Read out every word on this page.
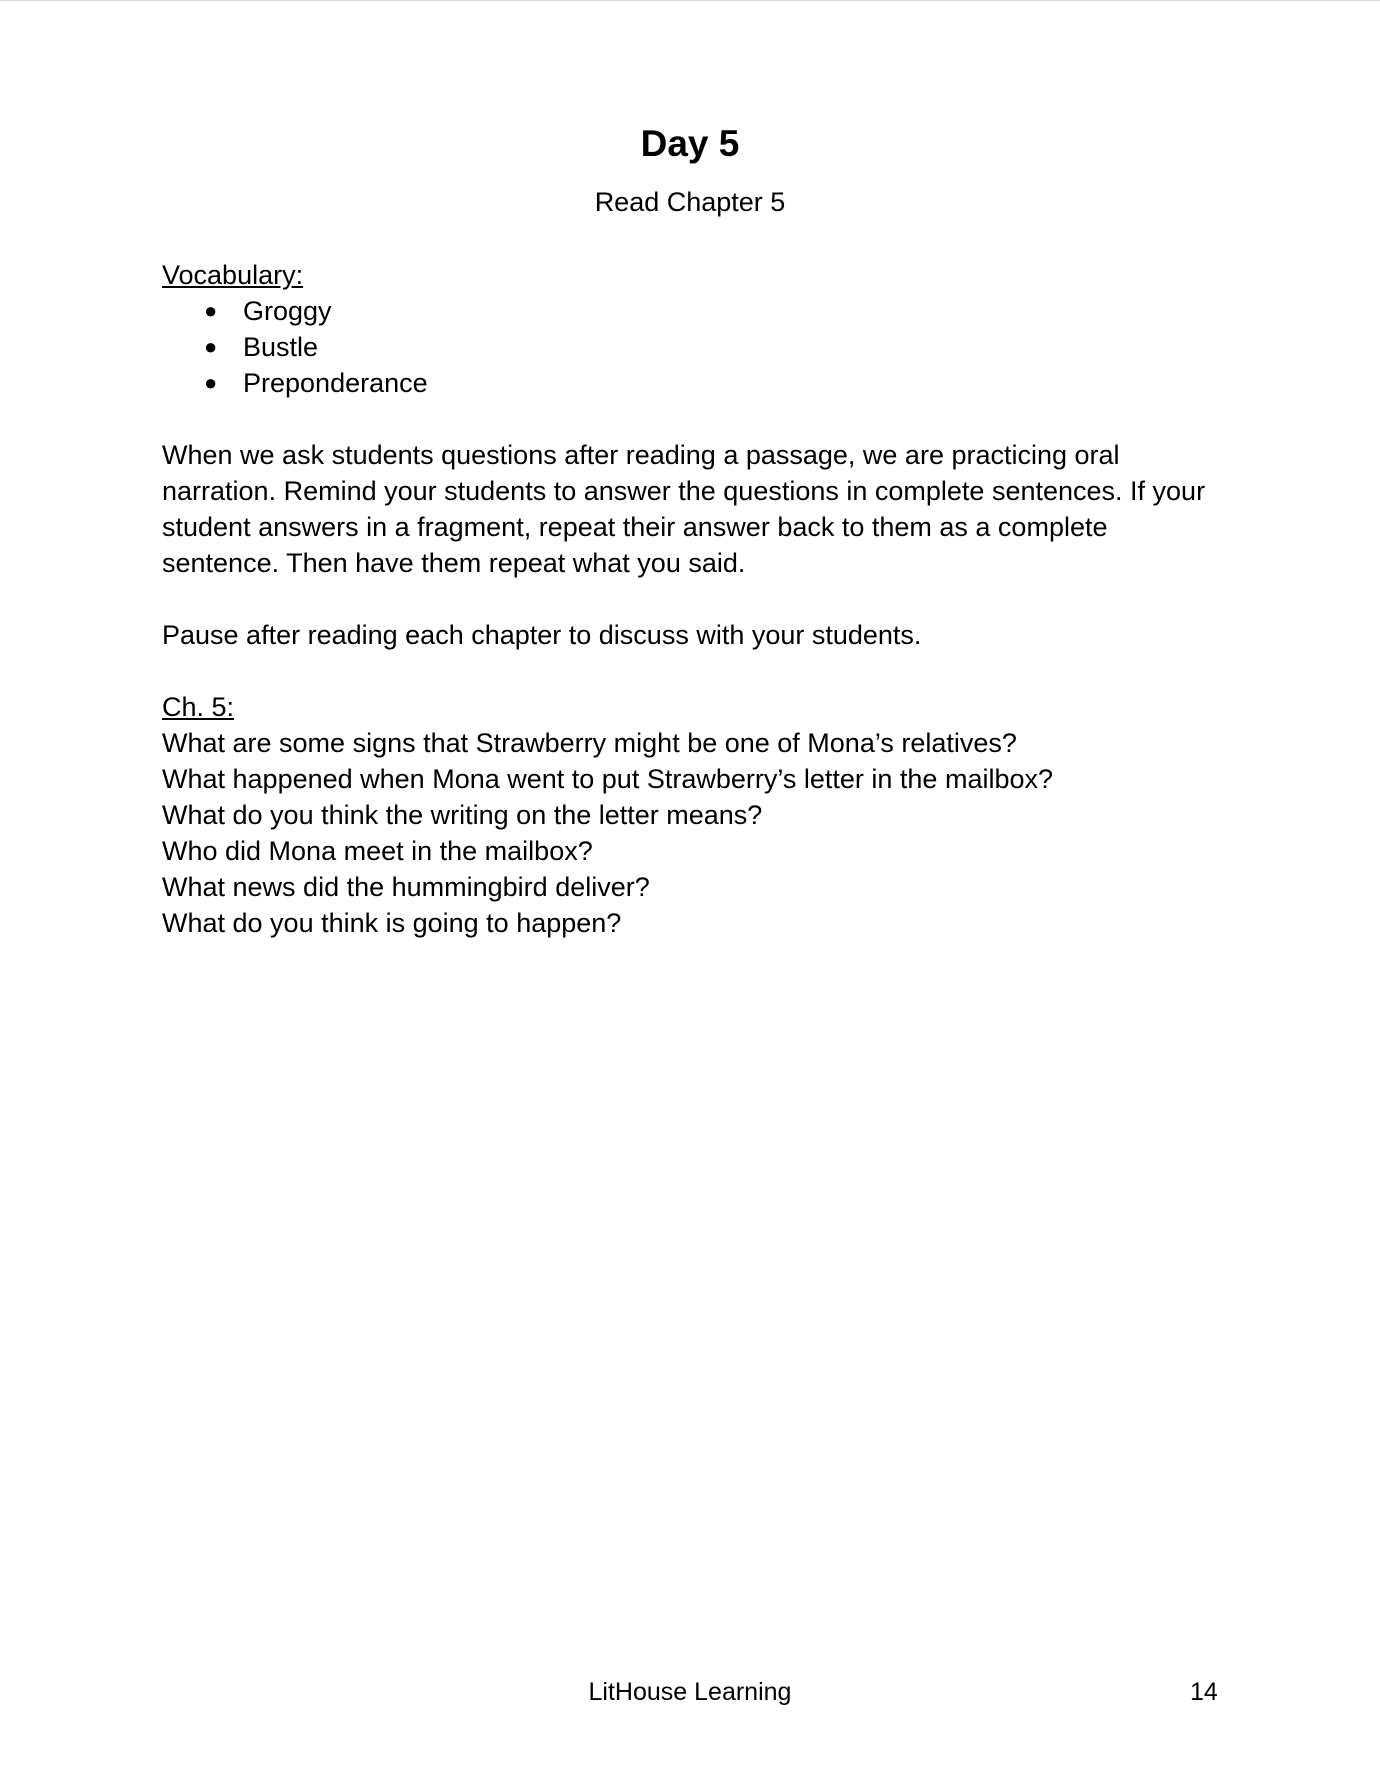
Day 5
Read Chapter 5

Vocabulary:

● Groggy
● Bustle
● Preponderance

When we ask students questions after reading a passage, we are practicing oral narration. Remind your students to answer the questions in complete sentences. If your student answers in a fragment, repeat their answer back to them as a complete sentence. Then have them repeat what you said.

Pause after reading each chapter to discuss with your students.

Ch. 5:

What are some signs that Strawberry might be one of Mona’s relatives?
What happened when Mona went to put Strawberry’s letter in the mailbox?
What do you think the writing on the letter means?
Who did Mona meet in the mailbox?
What news did the hummingbird deliver?
What do you think is going to happen?
LitHouse Learning	14
